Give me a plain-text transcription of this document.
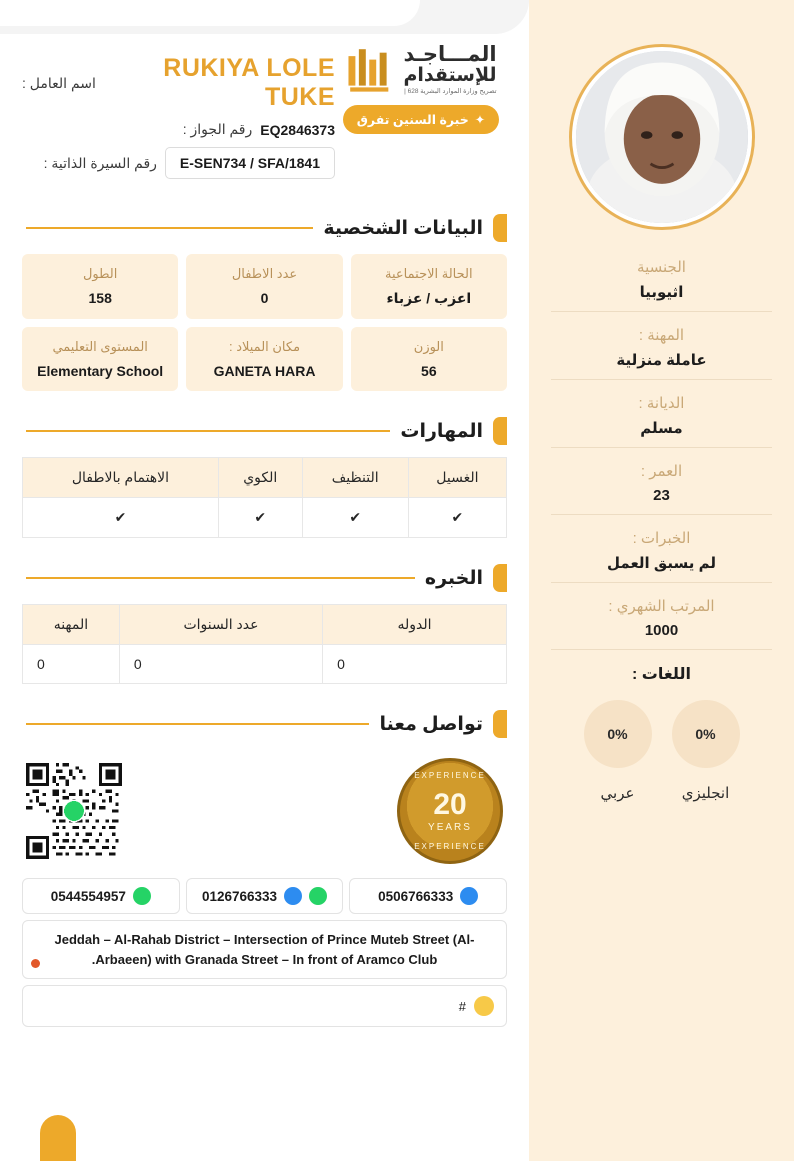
الجنسية
اثيوبيا
المهنة :
عاملة منزلية
الديانة :
مسلم
العمر :
23
الخبرات :
لم يسبق العمل
المرتب الشهري :
1000
اللغات :
0%
انجليزي
0%
عربي
المـــاجـد
للإستقدام
تصريح وزارة الموارد البشرية 628 |
✦
خبرة السنين تفرق
RUKIYA LOLE TUKE
اسم العامل :
EQ2846373
رقم الجواز :
E-SEN734 / SFA/1841
رقم السيرة الذاتية :
البيانات الشخصية
الحالة الاجتماعية
اعزب / عزباء
عدد الاطفال
0
الطول
158
الوزن
56
مكان الميلاد :
GANETA HARA
المستوى التعليمي
Elementary School
المهارات
الغسيل	التنظيف	الكوي	الاهتمام بالاطفال
✔	✔	✔	✔
الخبره
الدوله	عدد السنوات	المهنه
0	0	0
تواصل معنا
EXPERIENCE
20
YEARS
EXPERIENCE
0506766333
0126766333
0544554957
Jeddah – Al-Rahab District – Intersection of Prince Muteb Street (Al-Arbaeen) with Granada Street – In front of Aramco Club.
#
